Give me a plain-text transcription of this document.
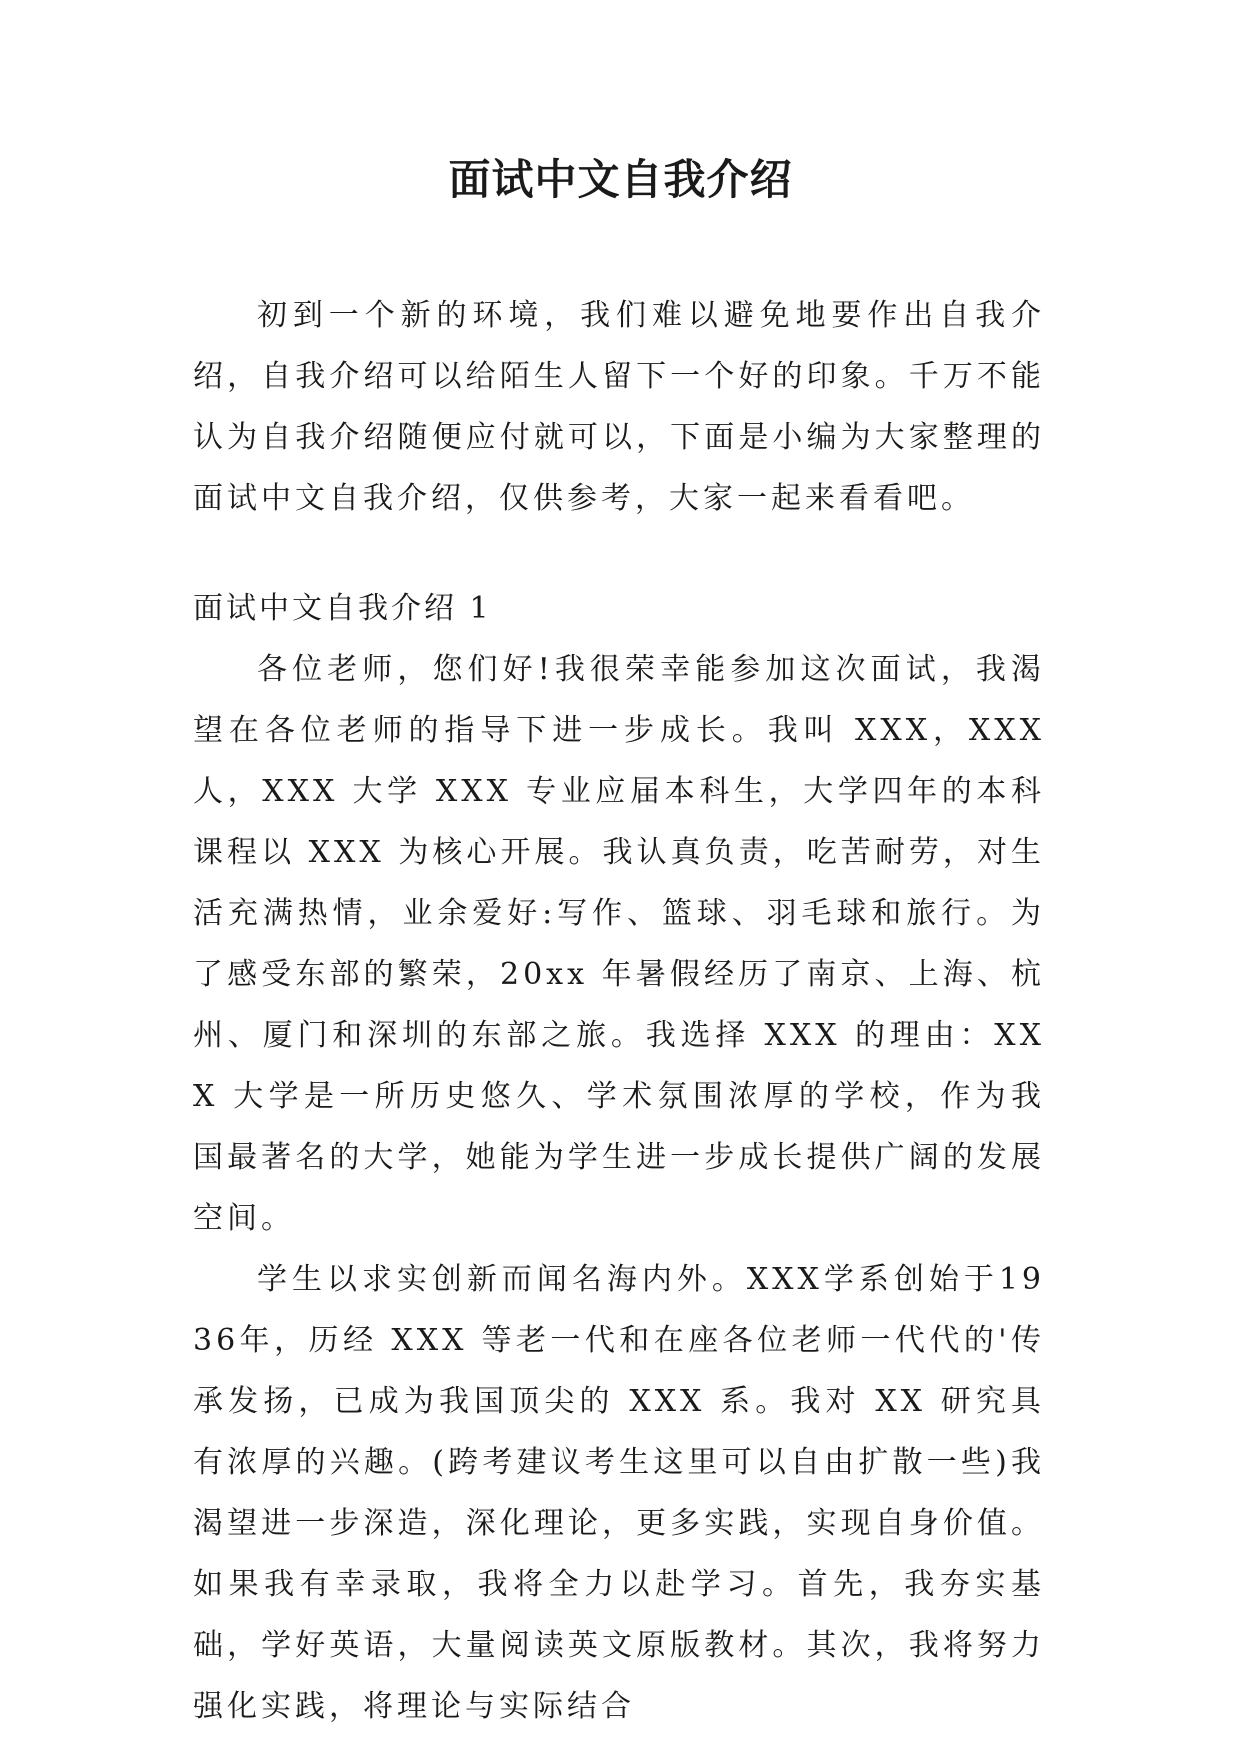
面试中文自我介绍

初到一个新的环境，我们难以避免地要作出自我介绍，自我介绍可以给陌生人留下一个好的印象。千万不能认为自我介绍随便应付就可以，下面是小编为大家整理的面试中文自我介绍，仅供参考，大家一起来看看吧。

面试中文自我介绍 1

各位老师，您们好!我很荣幸能参加这次面试，我渴望在各位老师的指导下进一步成长。我叫 XXX，XXX 人，XXX 大学 XXX 专业应届本科生，大学四年的本科课程以 XXX 为核心开展。我认真负责，吃苦耐劳，对生活充满热情，业余爱好:写作、篮球、羽毛球和旅行。为了感受东部的繁荣，20xx 年暑假经历了南京、上海、杭州、厦门和深圳的东部之旅。我选择 XXX 的理由：XXX 大学是一所历史悠久、学术氛围浓厚的学校，作为我国最著名的大学，她能为学生进一步成长提供广阔的发展空间。

学生以求实创新而闻名海内外。XXX学系创始于1936年，历经 XXX 等老一代和在座各位老师一代代的'传承发扬，已成为我国顶尖的 XXX 系。我对 XX 研究具有浓厚的兴趣。(跨考建议考生这里可以自由扩散一些)我渴望进一步深造，深化理论，更多实践，实现自身价值。如果我有幸录取，我将全力以赴学习。首先，我夯实基础，学好英语，大量阅读英文原版教材。其次，我将努力强化实践，将理论与实际结合
